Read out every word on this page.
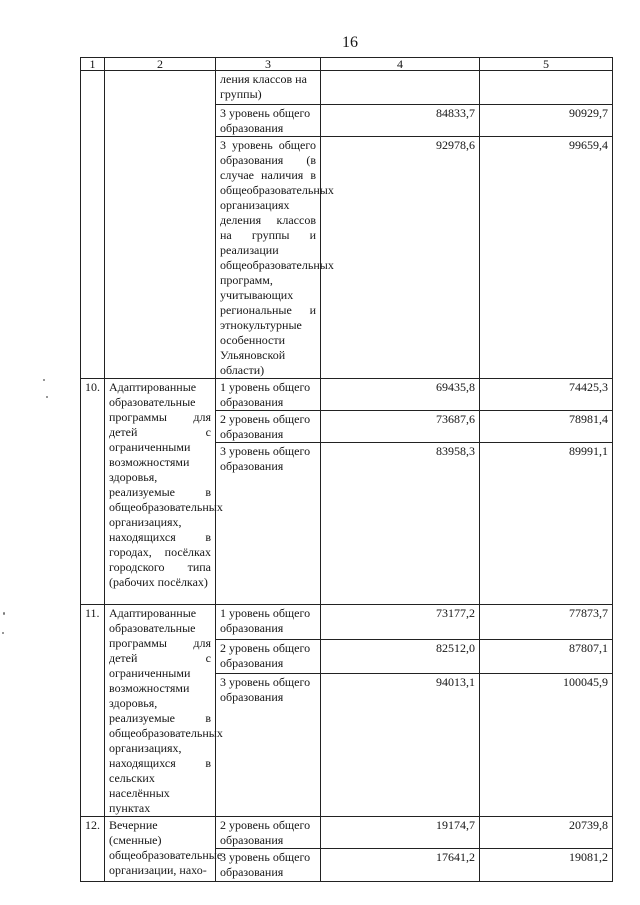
16
1	2	3	4	5
		ления классов на группы)		
		3 уровень общего образования	84833,7	90929,7
		3 уровень общего образования (в случае наличия в общеобразовательных организациях деления классов на группы и реализации общеобразовательных программ, учитывающих региональные и этнокультурные особенности Ульяновской области)	92978,6	99659,4
10.	Адаптированные образовательные программы для детей с ограниченными возможностями здоровья, реализуемые в общеобразовательных организациях, находящихся в городах, посёлках городского типа (рабочих посёлках)	1 уровень общего образования	69435,8	74425,3
		2 уровень общего образования	73687,6	78981,4
		3 уровень общего образования	83958,3	89991,1
11.	Адаптированные образовательные программы для детей с ограниченными возможностями здоровья, реализуемые в общеобразовательных организациях, находящихся в сельских населённых пунктах	1 уровень общего образования	73177,2	77873,7
		2 уровень общего образования	82512,0	87807,1
		3 уровень общего образования	94013,1	100045,9
12.	Вечерние (сменные) общеобразовательные организации, нахо-	2 уровень общего образования	19174,7	20739,8
		3 уровень общего образования	17641,2	19081,2
